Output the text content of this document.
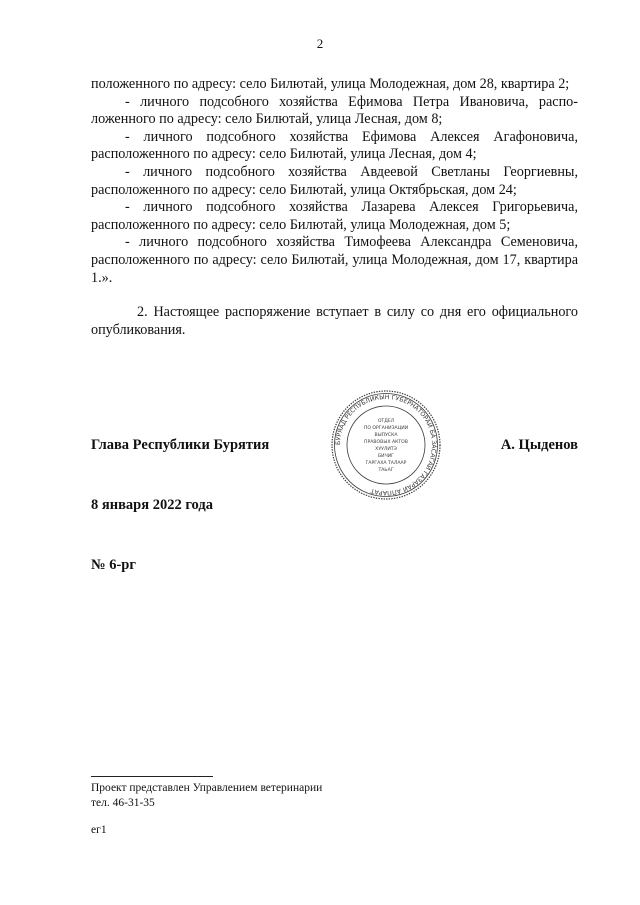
2

положенного по адресу: село Билютай, улица Молодежная, дом 28, квартира 2;

- личного подсобного хозяйства Ефимова Петра Ивановича, расположенного по адресу: село Билютай, улица Лесная, дом 8;

- личного подсобного хозяйства Ефимова Алексея Агафоновича, расположенного по адресу: село Билютай, улица Лесная, дом 4;

- личного подсобного хозяйства Авдеевой Светланы Георгиевны, расположенного по адресу: село Билютай, улица Октябрьская, дом 24;

- личного подсобного хозяйства Лазарева Алексея Григорьевича, расположенного по адресу: село Билютай, улица Молодежная, дом 5;

- личного подсобного хозяйства Тимофеева Александра Семеновича, расположенного по адресу: село Билютай, улица Молодежная, дом 17, квартира 1.».

2. Настоящее распоряжение вступает в силу со дня его официального опубликования.

Глава Республики Бурятия	БУРЯАД РЕСПУБЛИКЫН ГУБЕРНАТОРАЙ БА ЗАСАГАЙ ГАЗАРАЙ АППАРАТ
ОТДЕЛ
ПО ОРГАНИЗАЦИИ
ВЫПУСКА
ПРАВОВЫХ АКТОВ
ХУУЛИТЭ
БИЧИГ
ГАРГАХА ТАЛААР
ТАЬАГ
А. Цыденов
8 января 2022 года
№ 6-рг
Проект представлен Управлением ветеринарии
тел. 46-31-35
ег1
